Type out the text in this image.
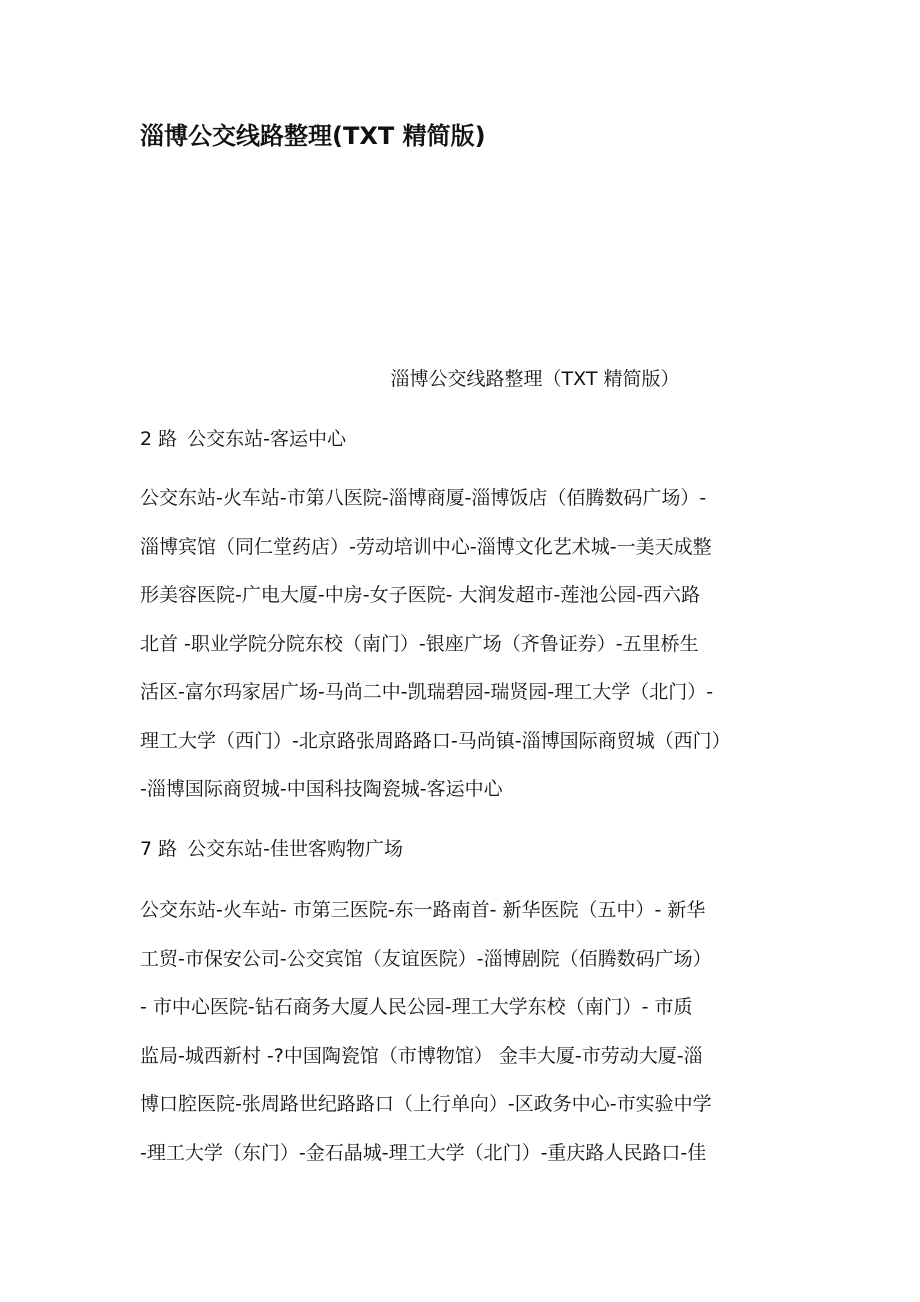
淄博公交线路整理(TXT 精简版)

淄博公交线路整理（TXT 精简版）

2 路 公交东站-客运中心

公交东站-火车站-市第八医院-淄博商厦-淄博饭店（佰腾数码广场）-
淄博宾馆（同仁堂药店）-劳动培训中心-淄博文化艺术城-一美天成整
形美容医院-广电大厦-中房-女子医院- 大润发超市-莲池公园-西六路
北首 -职业学院分院东校（南门）-银座广场（齐鲁证券）-五里桥生
活区-富尔玛家居广场-马尚二中-凯瑞碧园-瑞贤园-理工大学（北门）-
理工大学（西门）-北京路张周路路口-马尚镇-淄博国际商贸城（西门）
-淄博国际商贸城-中国科技陶瓷城-客运中心

7 路 公交东站-佳世客购物广场

公交东站-火车站- 市第三医院-东一路南首- 新华医院（五中）- 新华
工贸-市保安公司-公交宾馆（友谊医院）-淄博剧院（佰腾数码广场）
- 市中心医院-钻石商务大厦人民公园-理工大学东校（南门）- 市质
监局-城西新村 -?中国陶瓷馆（市博物馆） 金丰大厦-市劳动大厦-淄
博口腔医院-张周路世纪路路口（上行单向）-区政务中心-市实验中学
-理工大学（东门）-金石晶城-理工大学（北门）-重庆路人民路口-佳
